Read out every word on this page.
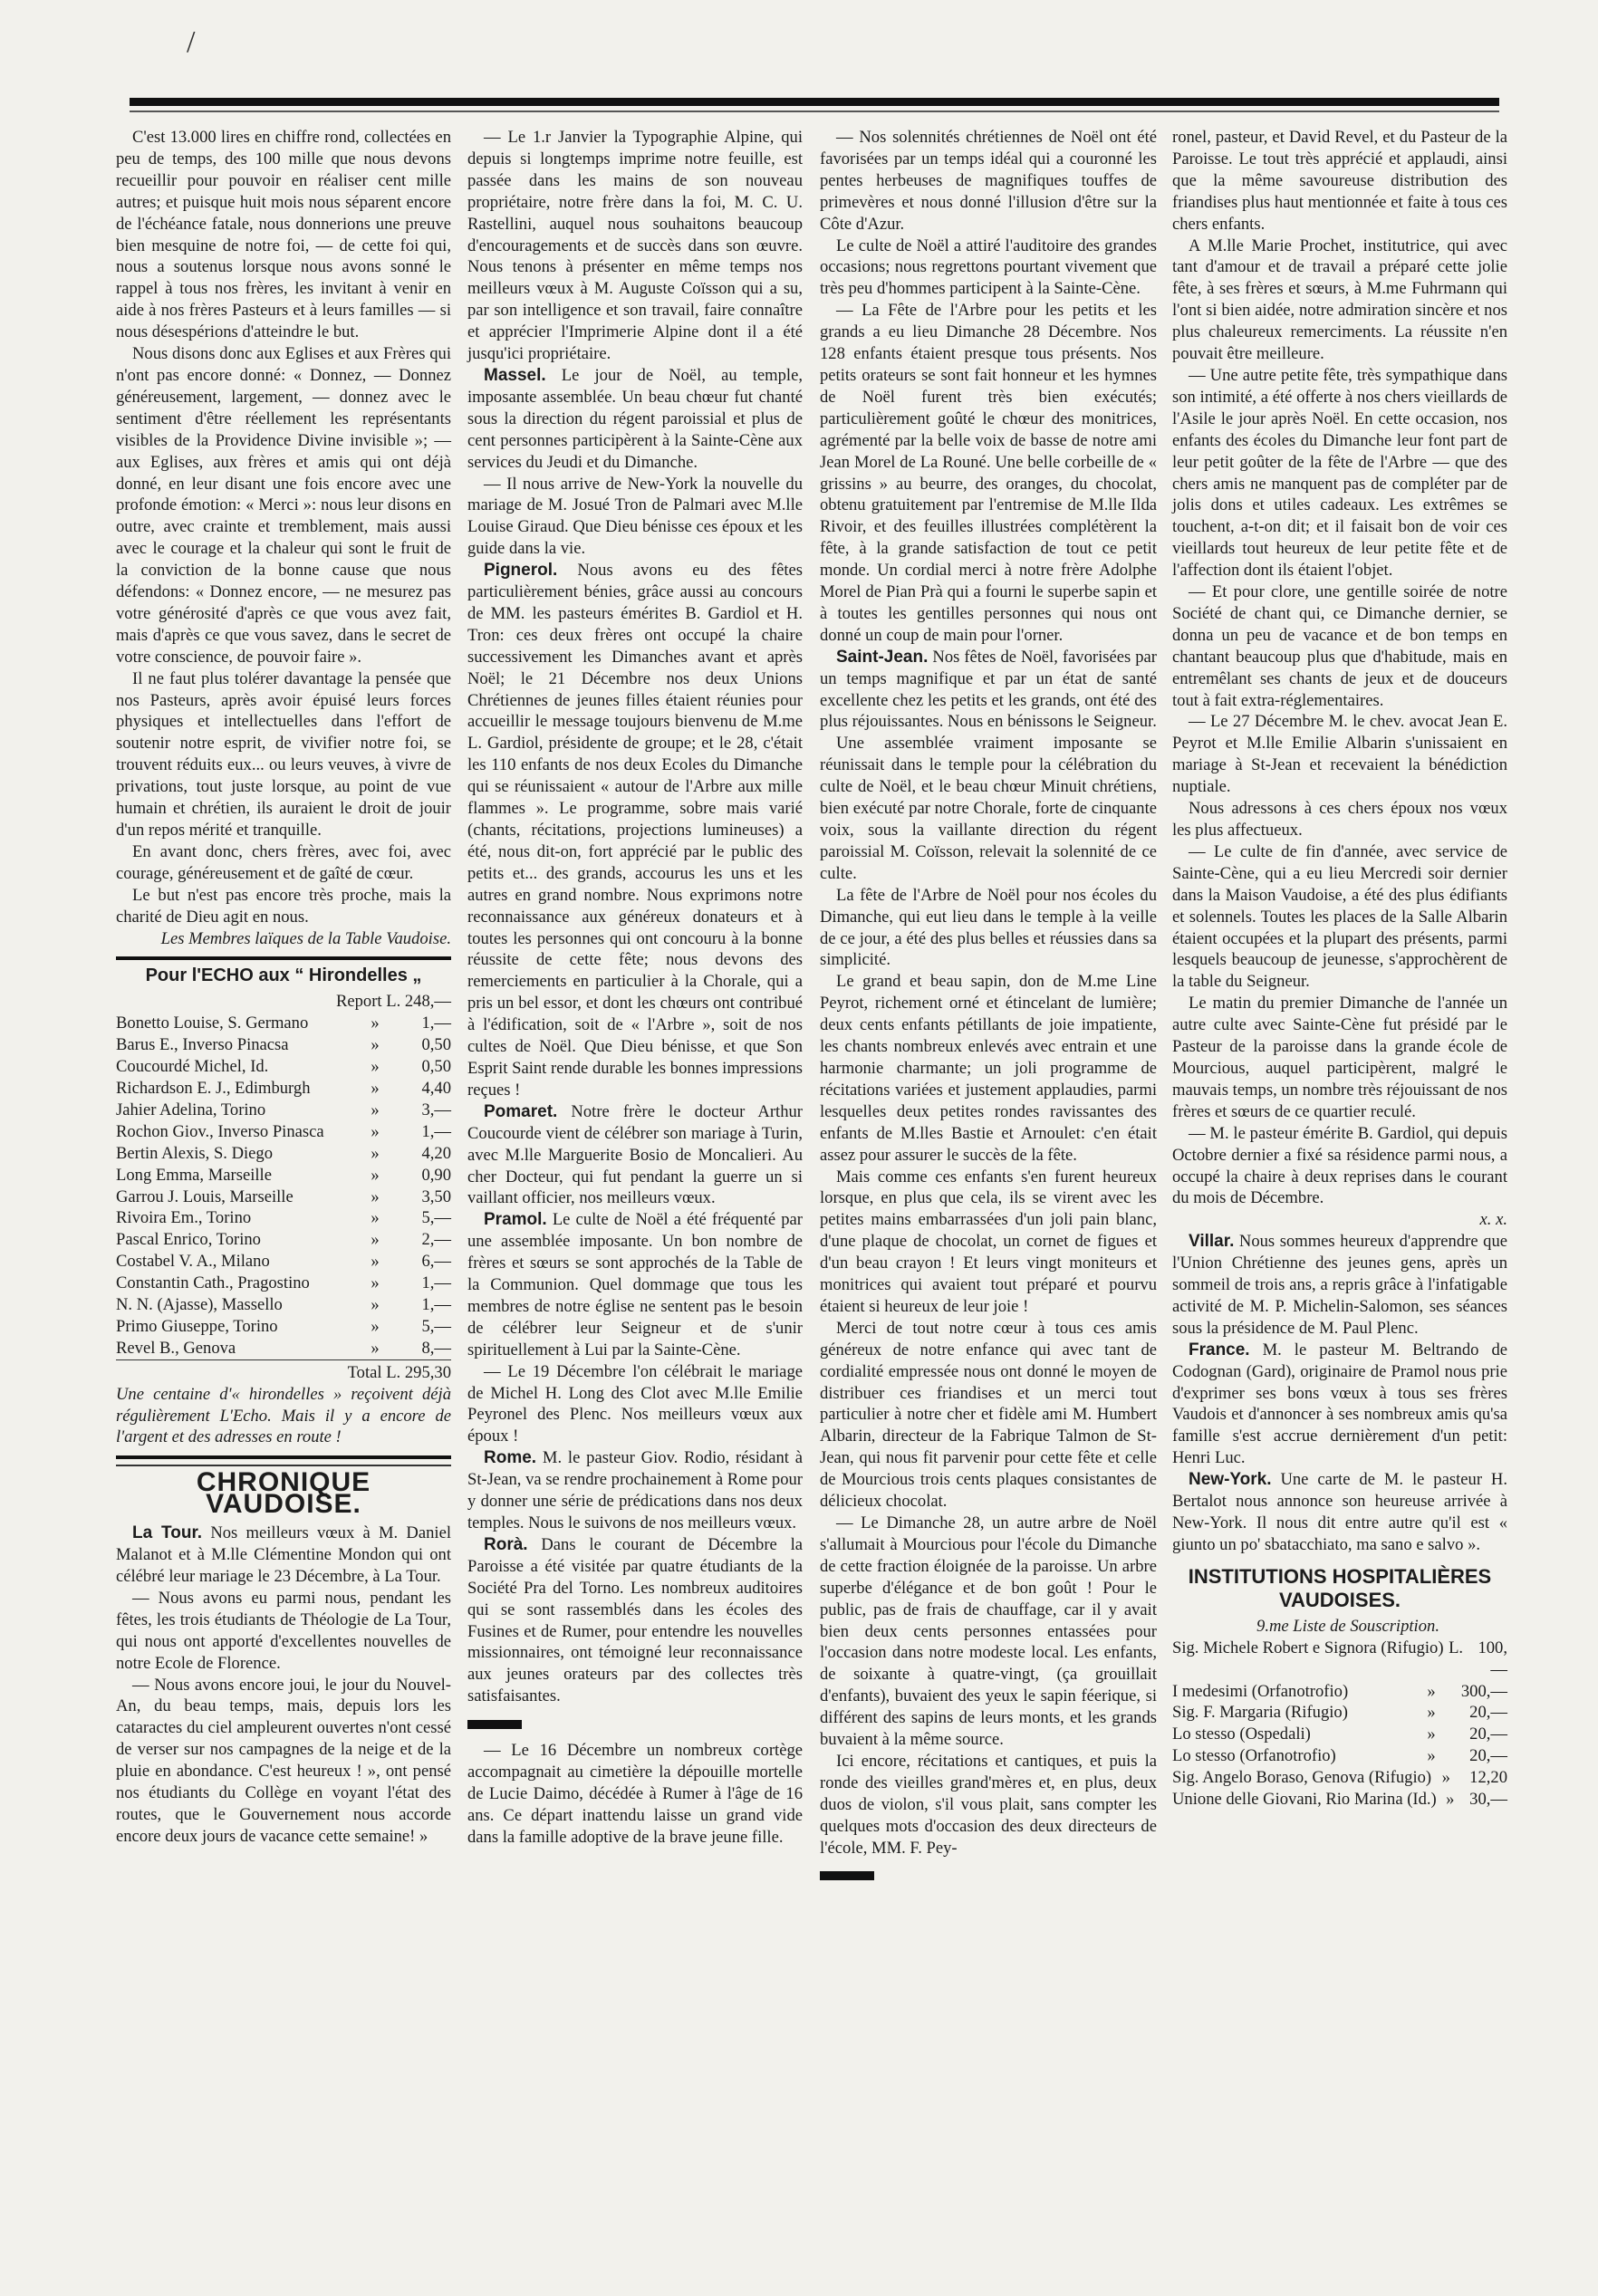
/

C'est 13.000 lires en chiffre rond, collectées en peu de temps, des 100 mille que nous devons recueillir pour pouvoir en réaliser cent mille autres; et puisque huit mois nous séparent encore de l'échéance fatale, nous donnerions une preuve bien mesquine de notre foi, — de cette foi qui, nous a soutenus lorsque nous avons sonné le rappel à tous nos frères, les invitant à venir en aide à nos frères Pasteurs et à leurs familles — si nous désespérions d'atteindre le but.

Nous disons donc aux Eglises et aux Frères qui n'ont pas encore donné: « Donnez, — Donnez généreusement, largement, — donnez avec le sentiment d'être réellement les représentants visibles de la Providence Divine invisible »; — aux Eglises, aux frères et amis qui ont déjà donné, en leur disant une fois encore avec une profonde émotion: « Merci »: nous leur disons en outre, avec crainte et tremblement, mais aussi avec le courage et la chaleur qui sont le fruit de la conviction de la bonne cause que nous défendons: « Donnez encore, — ne mesurez pas votre générosité d'après ce que vous avez fait, mais d'après ce que vous savez, dans le secret de votre conscience, de pouvoir faire ».

Il ne faut plus tolérer davantage la pensée que nos Pasteurs, après avoir épuisé leurs forces physiques et intellectuelles dans l'effort de soutenir notre esprit, de vivifier notre foi, se trouvent réduits eux... ou leurs veuves, à vivre de privations, tout juste lorsque, au point de vue humain et chrétien, ils auraient le droit de jouir d'un repos mérité et tranquille.

En avant donc, chers frères, avec foi, avec courage, généreusement et de gaîté de cœur.

Le but n'est pas encore très proche, mais la charité de Dieu agit en nous.

Les Membres laïques de la Table Vaudoise.

Pour l'ECHO aux “ Hirondelles „

Report L. 248,—

Bonetto Louise, S. Germano	»	1,—
Barus E., Inverso Pinacsa	»	0,50
Coucourdé Michel, Id.	»	0,50
Richardson E. J., Edimburgh	»	4,40
Jahier Adelina, Torino	»	3,—
Rochon Giov., Inverso Pinasca	»	1,—
Bertin Alexis, S. Diego	»	4,20
Long Emma, Marseille	»	0,90
Garrou J. Louis, Marseille	»	3,50
Rivoira Em., Torino	»	5,—
Pascal Enrico, Torino	»	2,—
Costabel V. A., Milano	»	6,—
Constantin Cath., Pragostino	»	1,—
N. N. (Ajasse), Massello	»	1,—
Primo Giuseppe, Torino	»	5,—
Revel B., Genova	»	8,—

Total L. 295,30

Une centaine d'« hirondelles » reçoivent déjà régulièrement L'Echo. Mais il y a encore de l'argent et des adresses en route !

CHRONIQUE VAUDOISE.

La Tour. Nos meilleurs vœux à M. Daniel Malanot et à M.lle Clémentine Mondon qui ont célébré leur mariage le 23 Décembre, à La Tour.

— Nous avons eu parmi nous, pendant les fêtes, les trois étudiants de Théologie de La Tour, qui nous ont apporté d'excellentes nouvelles de notre Ecole de Florence.

— Nous avons encore joui, le jour du Nouvel-An, du beau temps, mais, depuis lors les cataractes du ciel ampleurent ouvertes n'ont cessé de verser sur nos campagnes de la neige et de la pluie en abondance. C'est heureux ! », ont pensé nos étudiants du Collège en voyant l'état des routes, que le Gouvernement nous accorde encore deux jours de vacance cette semaine! »

— Le 1.r Janvier la Typographie Alpine, qui depuis si longtemps imprime notre feuille, est passée dans les mains de son nouveau propriétaire, notre frère dans la foi, M. C. U. Rastellini, auquel nous souhaitons beaucoup d'encouragements et de succès dans son œuvre. Nous tenons à présenter en même temps nos meilleurs vœux à M. Auguste Coïsson qui a su, par son intelligence et son travail, faire connaître et apprécier l'Imprimerie Alpine dont il a été jusqu'ici propriétaire.

Massel. Le jour de Noël, au temple, imposante assemblée. Un beau chœur fut chanté sous la direction du régent paroissial et plus de cent personnes participèrent à la Sainte-Cène aux services du Jeudi et du Dimanche.

— Il nous arrive de New-York la nouvelle du mariage de M. Josué Tron de Palmari avec M.lle Louise Giraud. Que Dieu bénisse ces époux et les guide dans la vie.

Pignerol. Nous avons eu des fêtes particulièrement bénies, grâce aussi au concours de MM. les pasteurs émérites B. Gardiol et H. Tron: ces deux frères ont occupé la chaire successivement les Dimanches avant et après Noël; le 21 Décembre nos deux Unions Chrétiennes de jeunes filles étaient réunies pour accueillir le message toujours bienvenu de M.me L. Gardiol, présidente de groupe; et le 28, c'était les 110 enfants de nos deux Ecoles du Dimanche qui se réunissaient « autour de l'Arbre aux mille flammes ». Le programme, sobre mais varié (chants, récitations, projections lumineuses) a été, nous dit-on, fort apprécié par le public des petits et... des grands, accourus les uns et les autres en grand nombre. Nous exprimons notre reconnaissance aux généreux donateurs et à toutes les personnes qui ont concouru à la bonne réussite de cette fête; nous devons des remerciements en particulier à la Chorale, qui a pris un bel essor, et dont les chœurs ont contribué à l'édification, soit de « l'Arbre », soit de nos cultes de Noël. Que Dieu bénisse, et que Son Esprit Saint rende durable les bonnes impressions reçues !

Pomaret. Notre frère le docteur Arthur Coucourde vient de célébrer son mariage à Turin, avec M.lle Marguerite Bosio de Moncalieri. Au cher Docteur, qui fut pendant la guerre un si vaillant officier, nos meilleurs vœux.

Pramol. Le culte de Noël a été fréquenté par une assemblée imposante. Un bon nombre de frères et sœurs se sont approchés de la Table de la Communion. Quel dommage que tous les membres de notre église ne sentent pas le besoin de célébrer leur Seigneur et de s'unir spirituellement à Lui par la Sainte-Cène.

— Le 19 Décembre l'on célébrait le mariage de Michel H. Long des Clot avec M.lle Emilie Peyronel des Plenc. Nos meilleurs vœux aux époux !

Rome. M. le pasteur Giov. Rodio, résidant à St-Jean, va se rendre prochainement à Rome pour y donner une série de prédications dans nos deux temples. Nous le suivons de nos meilleurs vœux.

Rorà. Dans le courant de Décembre la Paroisse a été visitée par quatre étudiants de la Société Pra del Torno. Les nombreux auditoires qui se sont rassemblés dans les écoles des Fusines et de Rumer, pour entendre les nouvelles missionnaires, ont témoigné leur reconnaissance aux jeunes orateurs par des collectes très satisfaisantes.

— Le 16 Décembre un nombreux cortège accompagnait au cimetière la dépouille mortelle de Lucie Daimo, décédée à Rumer à l'âge de 16 ans. Ce départ inattendu laisse un grand vide dans la famille adoptive de la brave jeune fille.

— Nos solennités chrétiennes de Noël ont été favorisées par un temps idéal qui a couronné les pentes herbeuses de magnifiques touffes de primevères et nous donné l'illusion d'être sur la Côte d'Azur.

Le culte de Noël a attiré l'auditoire des grandes occasions; nous regrettons pourtant vivement que très peu d'hommes participent à la Sainte-Cène.

— La Fête de l'Arbre pour les petits et les grands a eu lieu Dimanche 28 Décembre. Nos 128 enfants étaient presque tous présents. Nos petits orateurs se sont fait honneur et les hymnes de Noël furent très bien exécutés; particulièrement goûté le chœur des monitrices, agrémenté par la belle voix de basse de notre ami Jean Morel de La Rouné. Une belle corbeille de « grissins » au beurre, des oranges, du chocolat, obtenu gratuitement par l'entremise de M.lle Ilda Rivoir, et des feuilles illustrées complétèrent la fête, à la grande satisfaction de tout ce petit monde. Un cordial merci à notre frère Adolphe Morel de Pian Prà qui a fourni le superbe sapin et à toutes les gentilles personnes qui nous ont donné un coup de main pour l'orner.

Saint-Jean. Nos fêtes de Noël, favorisées par un temps magnifique et par un état de santé excellente chez les petits et les grands, ont été des plus réjouissantes. Nous en bénissons le Seigneur.

Une assemblée vraiment imposante se réunissait dans le temple pour la célébration du culte de Noël, et le beau chœur Minuit chrétiens, bien exécuté par notre Chorale, forte de cinquante voix, sous la vaillante direction du régent paroissial M. Coïsson, relevait la solennité de ce culte.

La fête de l'Arbre de Noël pour nos écoles du Dimanche, qui eut lieu dans le temple à la veille de ce jour, a été des plus belles et réussies dans sa simplicité.

Le grand et beau sapin, don de M.me Line Peyrot, richement orné et étincelant de lumière; deux cents enfants pétillants de joie impatiente, les chants nombreux enlevés avec entrain et une harmonie charmante; un joli programme de récitations variées et justement applaudies, parmi lesquelles deux petites rondes ravissantes des enfants de M.lles Bastie et Arnoulet: c'en était assez pour assurer le succès de la fête.

Mais comme ces enfants s'en furent heureux lorsque, en plus que cela, ils se virent avec les petites mains embarrassées d'un joli pain blanc, d'une plaque de chocolat, un cornet de figues et d'un beau crayon ! Et leurs vingt moniteurs et monitrices qui avaient tout préparé et pourvu étaient si heureux de leur joie !

Merci de tout notre cœur à tous ces amis généreux de notre enfance qui avec tant de cordialité empressée nous ont donné le moyen de distribuer ces friandises et un merci tout particulier à notre cher et fidèle ami M. Humbert Albarin, directeur de la Fabrique Talmon de St-Jean, qui nous fit parvenir pour cette fête et celle de Mourcious trois cents plaques consistantes de délicieux chocolat.

— Le Dimanche 28, un autre arbre de Noël s'allumait à Mourcious pour l'école du Dimanche de cette fraction éloignée de la paroisse. Un arbre superbe d'élégance et de bon goût ! Pour le public, pas de frais de chauffage, car il y avait bien deux cents personnes entassées pour l'occasion dans notre modeste local. Les enfants, de soixante à quatre-vingt, (ça grouillait d'enfants), buvaient des yeux le sapin féerique, si différent des sapins de leurs monts, et les grands buvaient à la même source.

Ici encore, récitations et cantiques, et puis la ronde des vieilles grand'mères et, en plus, deux duos de violon, s'il vous plait, sans compter les quelques mots d'occasion des deux directeurs de l'école, MM. F. Pey-

ronel, pasteur, et David Revel, et du Pasteur de la Paroisse. Le tout très apprécié et applaudi, ainsi que la même savoureuse distribution des friandises plus haut mentionnée et faite à tous ces chers enfants.

A M.lle Marie Prochet, institutrice, qui avec tant d'amour et de travail a préparé cette jolie fête, à ses frères et sœurs, à M.me Fuhrmann qui l'ont si bien aidée, notre admiration sincère et nos plus chaleureux remerciments. La réussite n'en pouvait être meilleure.

— Une autre petite fête, très sympathique dans son intimité, a été offerte à nos chers vieillards de l'Asile le jour après Noël. En cette occasion, nos enfants des écoles du Dimanche leur font part de leur petit goûter de la fête de l'Arbre — que des chers amis ne manquent pas de compléter par de jolis dons et utiles cadeaux. Les extrêmes se touchent, a-t-on dit; et il faisait bon de voir ces vieillards tout heureux de leur petite fête et de l'affection dont ils étaient l'objet.

— Et pour clore, une gentille soirée de notre Société de chant qui, ce Dimanche dernier, se donna un peu de vacance et de bon temps en chantant beaucoup plus que d'habitude, mais en entremêlant ses chants de jeux et de douceurs tout à fait extra-réglementaires.

— Le 27 Décembre M. le chev. avocat Jean E. Peyrot et M.lle Emilie Albarin s'unissaient en mariage à St-Jean et recevaient la bénédiction nuptiale.

Nous adressons à ces chers époux nos vœux les plus affectueux.

— Le culte de fin d'année, avec service de Sainte-Cène, qui a eu lieu Mercredi soir dernier dans la Maison Vaudoise, a été des plus édifiants et solennels. Toutes les places de la Salle Albarin étaient occupées et la plupart des présents, parmi lesquels beaucoup de jeunesse, s'approchèrent de la table du Seigneur.

Le matin du premier Dimanche de l'année un autre culte avec Sainte-Cène fut présidé par le Pasteur de la paroisse dans la grande école de Mourcious, auquel participèrent, malgré le mauvais temps, un nombre très réjouissant de nos frères et sœurs de ce quartier reculé.

— M. le pasteur émérite B. Gardiol, qui depuis Octobre dernier a fixé sa résidence parmi nous, a occupé la chaire à deux reprises dans le courant du mois de Décembre.

x. x.

Villar. Nous sommes heureux d'apprendre que l'Union Chrétienne des jeunes gens, après un sommeil de trois ans, a repris grâce à l'infatigable activité de M. P. Michelin-Salomon, ses séances sous la présidence de M. Paul Plenc.

France. M. le pasteur M. Beltrando de Codognan (Gard), originaire de Pramol nous prie d'exprimer ses bons vœux à tous ses frères Vaudois et d'annoncer à ses nombreux amis qu'sa famille s'est accrue dernièrement d'un petit: Henri Luc.

New-York. Une carte de M. le pasteur H. Bertalot nous annonce son heureuse arrivée à New-York. Il nous dit entre autre qu'il est « giunto un po' sbatacchiato, ma sano e salvo ».

INSTITUTIONS HOSPITALIÈRES VAUDOISES.

9.me Liste de Souscription.

Sig. Michele Robert e Signora (Rifugio) L. 100,—
I medesimi (Orfanotrofio)	»	300,—
Sig. F. Margaria (Rifugio)	»	20,—
Lo stesso (Ospedali)	»	20,—
Lo stesso (Orfanotrofio)	»	20,—
Sig. Angelo Boraso, Genova (Rifugio) »	12,20
Unione delle Giovani, Rio Marina (Id.) » 30,—
